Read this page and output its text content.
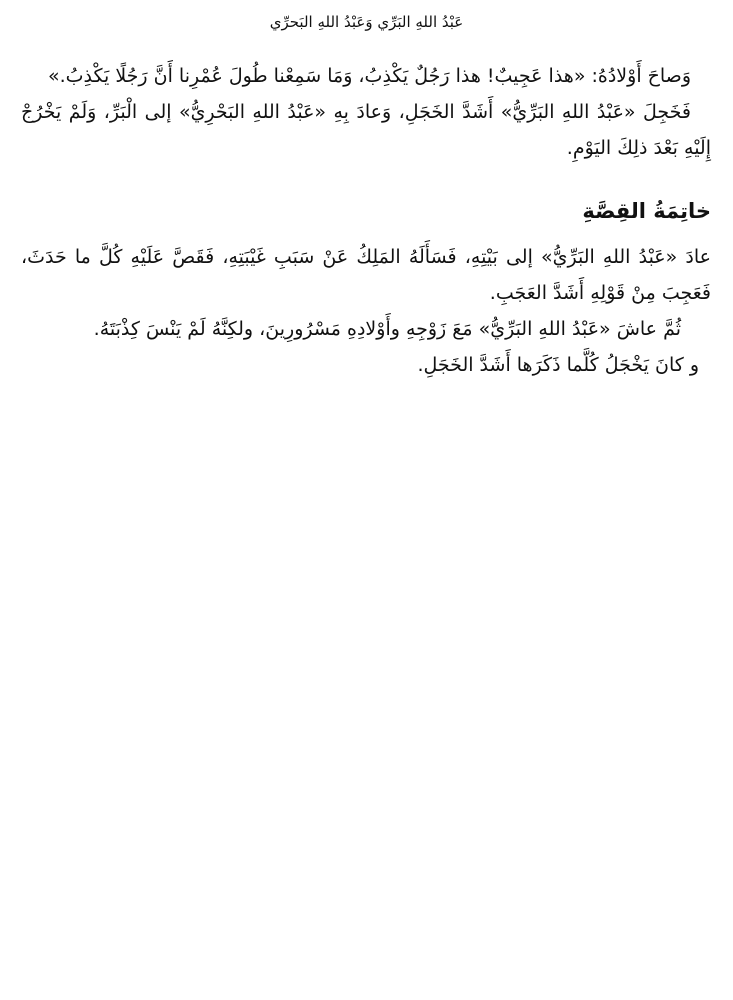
عَبْدُ اللهِ البَرِّي وَعَبْدُ اللهِ البَحرِّي

وَصاحَ أَوْلادُهُ: «هذا عَجِيبٌ! هذا رَجُلٌ يَكْذِبُ، وَمَا سَمِعْنا طُولَ عُمْرِنا أَنَّ رَجُلًا يَكْذِبُ.»

فَخَجِلَ «عَبْدُ اللهِ البَرِّيُّ» أَشَدَّ الخَجَلِ، وَعادَ بِهِ «عَبْدُ اللهِ البَحْرِيُّ» إلى الْبَرِّ، وَلَمْ يَخْرُجْ إِلَيْهِ بَعْدَ ذلِكَ اليَوْمِ.

خاتِمَةُ القِصَّةِ

عادَ «عَبْدُ اللهِ البَرِّيُّ» إلى بَيْتِهِ، فَسَأَلَهُ المَلِكُ عَنْ سَبَبِ غَيْبَتِهِ، فَقَصَّ عَلَيْهِ كُلَّ ما حَدَثَ، فَعَجِبَ مِنْ قَوْلِهِ أَشَدَّ العَجَبِ.

ثُمَّ عاشَ «عَبْدُ اللهِ البَرِّيُّ» مَعَ زَوْجِهِ وأَوْلادِهِ مَسْرُورِينَ، ولكِنَّهُ لَمْ يَنْسَ كِذْبَتَهُ.

و كانَ يَخْجَلُ كُلَّما ذَكَرَها أَشَدَّ الخَجَلِ.
